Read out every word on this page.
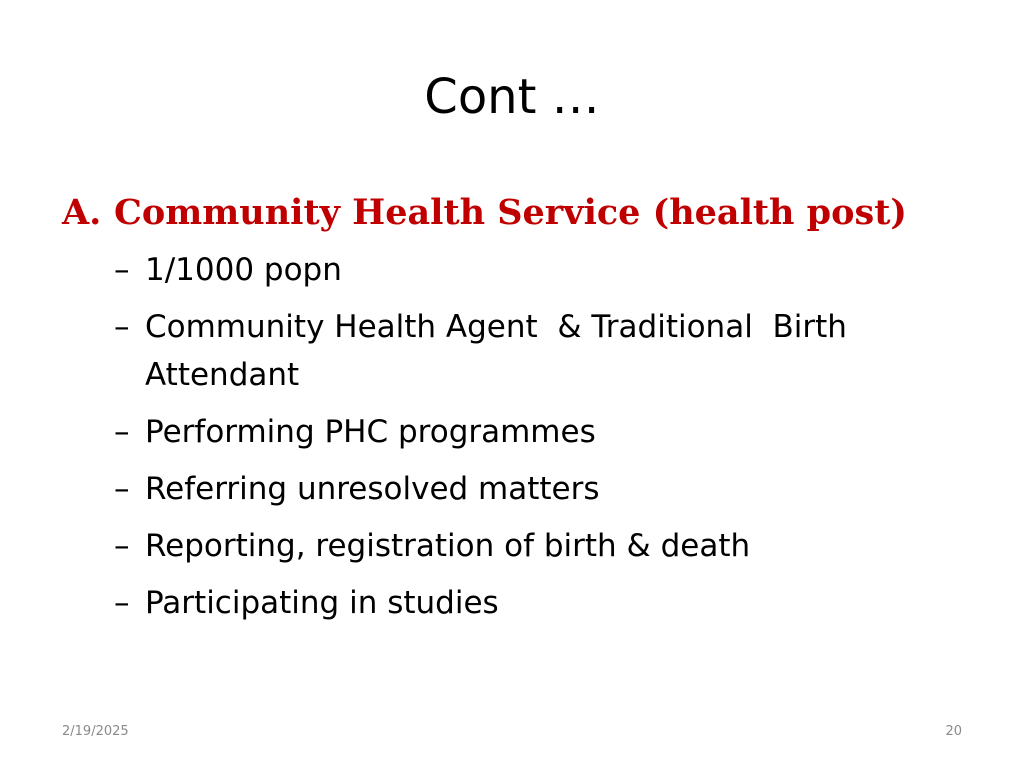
Cont …
A. Community Health Service (health post)
– 1/1000 popn
– Community Health Agent  & Traditional  Birth Attendant
– Performing PHC programmes
– Referring unresolved matters
– Reporting, registration of birth & death
– Participating in studies
2/19/2025	20
